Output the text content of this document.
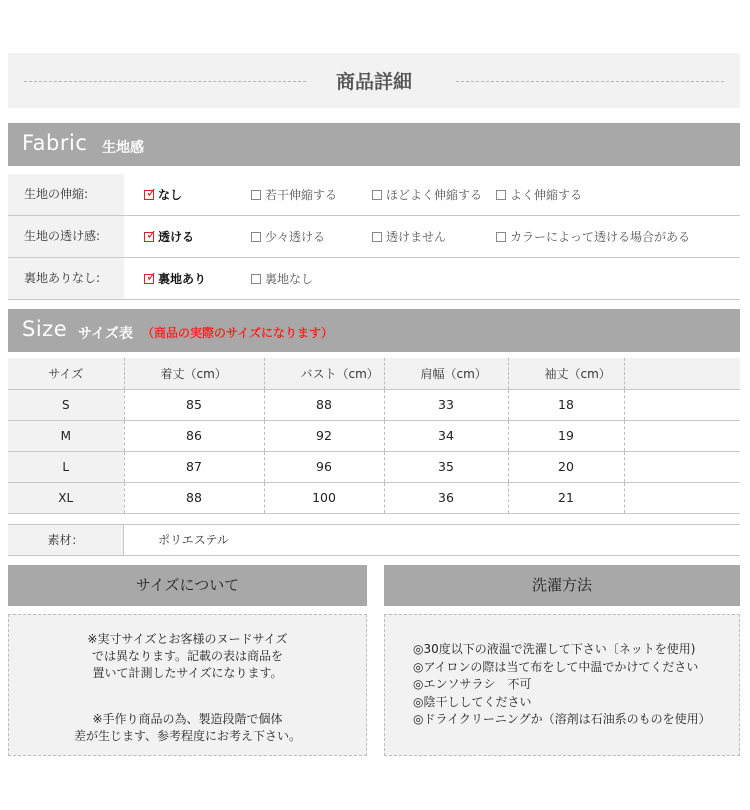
商品詳細
Fabric 生地感
生地の伸縮:	✓ なし	若干伸縮する	ほどよく伸縮する	よく伸縮する
生地の透け感:	✓ 透ける	少々透ける	透けません	カラーによって透ける場合がある
裏地ありなし:	✓ 裏地あり	裏地なし
Size サイズ表 （商品の実際のサイズになります）
サイズ	着丈（cm）	バスト（cm）	肩幅（cm）	袖丈（cm）	
S	85	88	33	18	
M	86	92	34	19	
L	87	96	35	20	
XL	88	100	36	21	
素材：	ポリエステル
サイズについて
※実寸サイズとお客様のヌードサイズ
では異なります。記載の表は商品を
置いて計測したサイズになります。
※手作り商品の為、製造段階で個体
差が生じます、参考程度にお考え下さい。
洗濯方法
◎30度以下の液温で洗濯して下さい〔ネットを使用)
◎アイロンの際は当て布をして中温でかけてください
◎エンソサラシ　不可
◎陰干ししてください
◎ドライクリーニングか（溶剤は石油系のものを使用）
